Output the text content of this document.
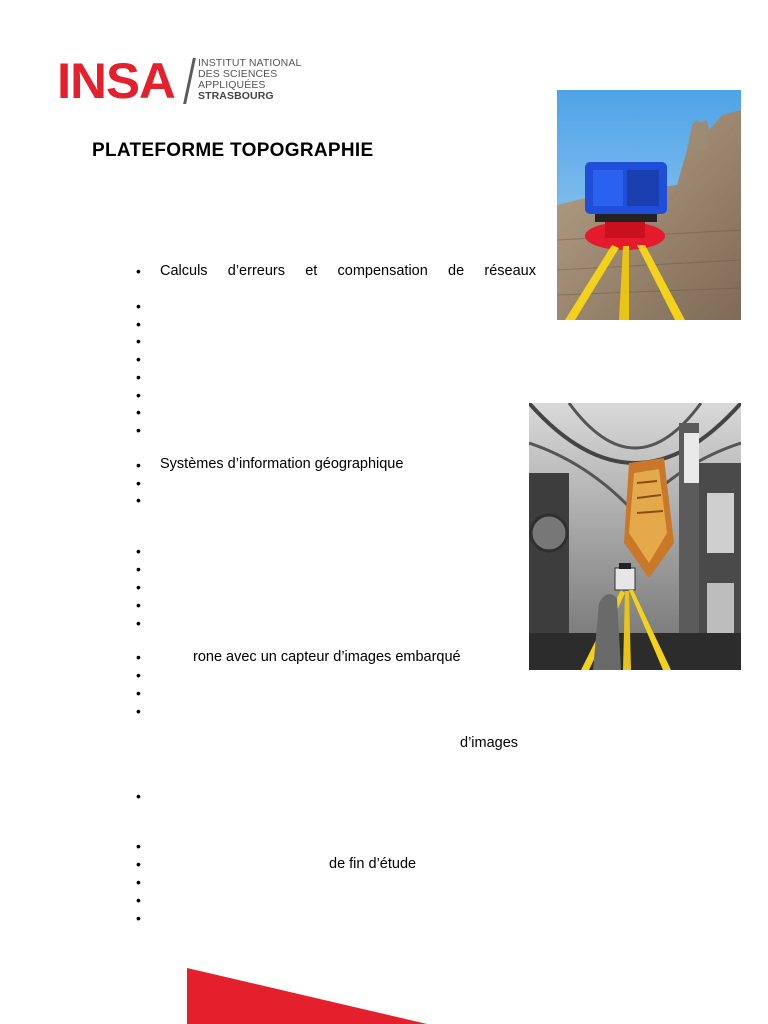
INSA INSTITUT NATIONAL
DES SCIENCES
APPLIQUÉES
STRASBOURG
PLATEFORME TOPOGRAPHIE
•
•
•
•
•
•
•
•
•
•
•
•
•
•
•
•
•
•
•
•
•
•
•
•
•
•
•
Calculs d’erreurs et compensation de réseaux
Systèmes d’information géographique
rone avec un capteur d’images embarqué
d’images
de fin d’étude
